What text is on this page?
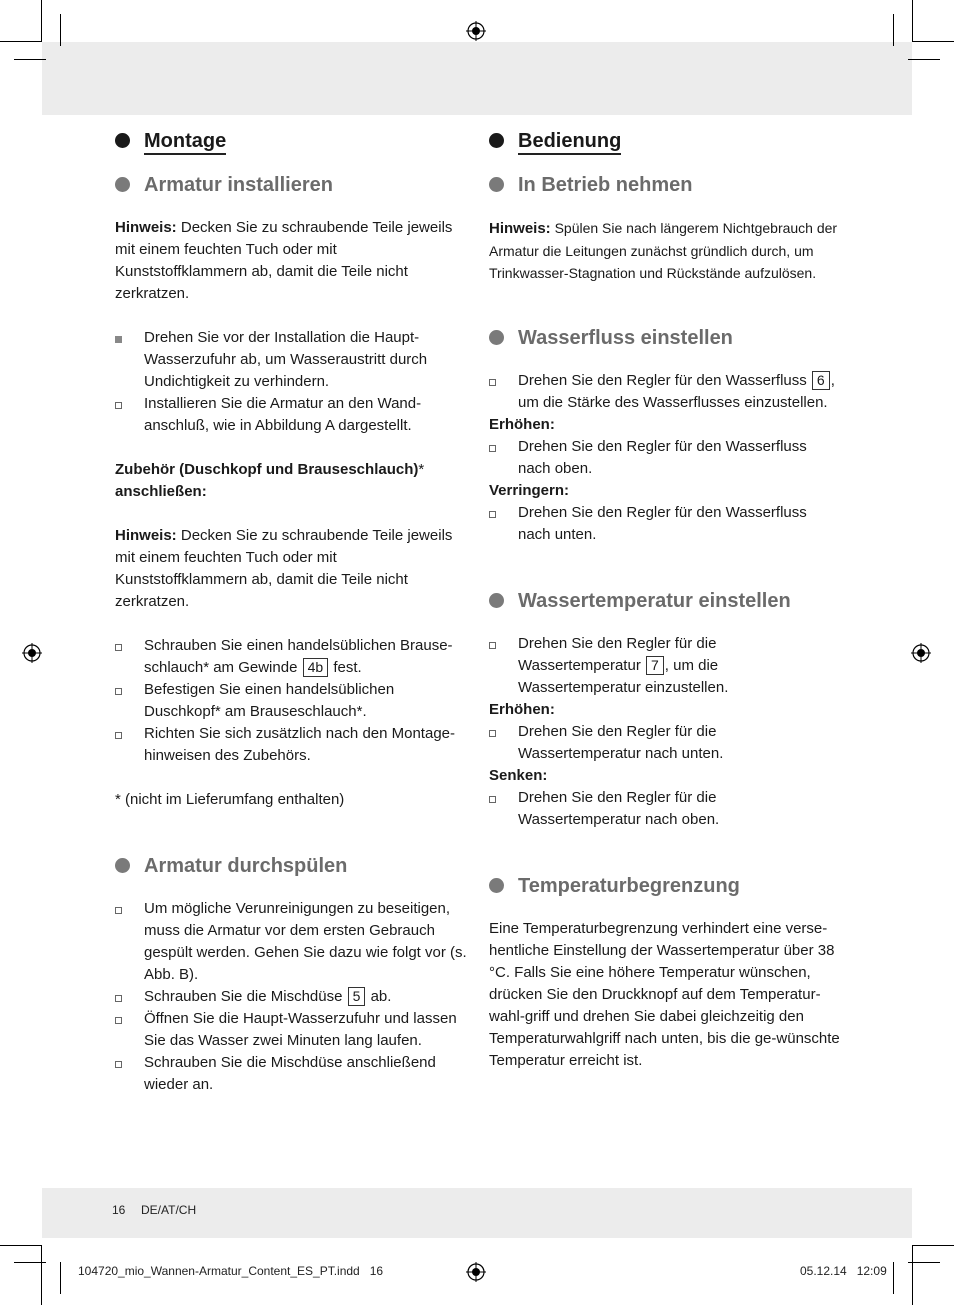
Montage
Armatur installieren

Hinweis: Decken Sie zu schraubende Teile jeweils mit einem feuchten Tuch oder mit Kunststoffklammern ab, damit die Teile nicht zerkratzen.

Drehen Sie vor der Installation die Haupt-Wasserzufuhr ab, um Wasseraustritt durch Undichtigkeit zu verhindern.
Installieren Sie die Armatur an den Wand-anschluß, wie in Abbildung A dargestellt.

Zubehör (Duschkopf und Brauseschlauch)*
anschließen:

Hinweis: Decken Sie zu schraubende Teile jeweils mit einem feuchten Tuch oder mit Kunststoffklammern ab, damit die Teile nicht zerkratzen.

Schrauben Sie einen handelsüblichen Brause-schlauch* am Gewinde 4b fest.
Befestigen Sie einen handelsüblichen Duschkopf* am Brauseschlauch*.
Richten Sie sich zusätzlich nach den Montage-hinweisen des Zubehörs.

* (nicht im Lieferumfang enthalten)

Armatur durchspülen
Um mögliche Verunreinigungen zu beseitigen, muss die Armatur vor dem ersten Gebrauch gespült werden. Gehen Sie dazu wie folgt vor (s. Abb. B).
Schrauben Sie die Mischdüse 5 ab.
Öffnen Sie die Haupt-Wasserzufuhr und lassen Sie das Wasser zwei Minuten lang laufen.
Schrauben Sie die Mischdüse anschließend wieder an.
Bedienung
In Betrieb nehmen

Hinweis: Spülen Sie nach längerem Nichtgebrauch der Armatur die Leitungen zunächst gründlich durch, um Trinkwasser-Stagnation und Rückstände aufzulösen.

Wasserfluss einstellen
Drehen Sie den Regler für den Wasserfluss 6 , um die Stärke des Wasserflusses einzustellen.

Erhöhen:

Drehen Sie den Regler für den Wasserfluss nach oben.

Verringern:

Drehen Sie den Regler für den Wasserfluss nach unten.
Wassertemperatur einstellen
Drehen Sie den Regler für die Wassertemperatur 7 , um die Wassertemperatur einzustellen.

Erhöhen:

Drehen Sie den Regler für die Wassertemperatur nach unten.

Senken:

Drehen Sie den Regler für die Wassertemperatur nach oben.
Temperaturbegrenzung

Eine Temperaturbegrenzung verhindert eine verse-hentliche Einstellung der Wassertemperatur über 38 °C. Falls Sie eine höhere Temperatur wünschen, drücken Sie den Druckknopf auf dem Temperatur-wahl-griff und drehen Sie dabei gleichzeitig den Temperaturwahlgriff nach unten, bis die ge-wünschte Temperatur erreicht ist.

16 DE/AT/CH
104720_mio_Wannen-Armatur_Content_ES_PT.indd   16	05.12.14   12:09
